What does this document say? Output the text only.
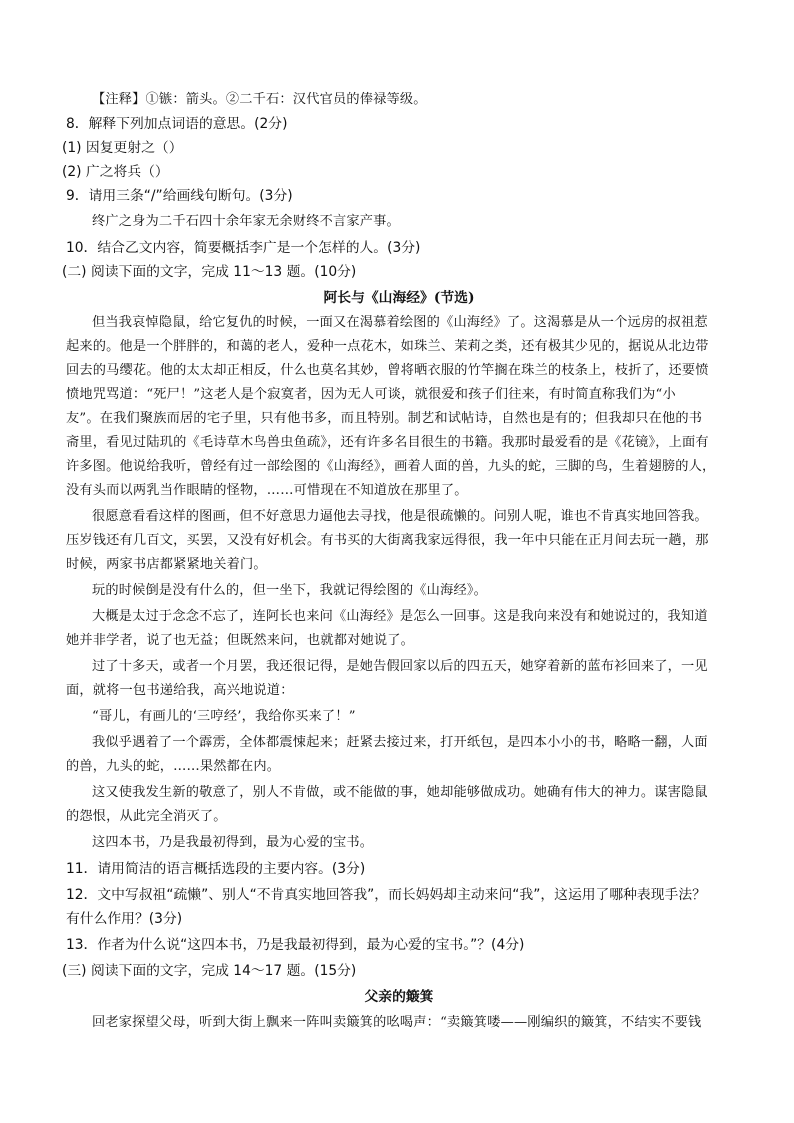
【注释】①镞：箭头。②二千石：汉代官员的俸禄等级。
8．解释下列加点词语的意思。(2分)
(1) 因复更射之（）
(2) 广之将兵（）
9．请用三条“/”给画线句断句。(3分)
终广之身为二千石四十余年家无余财终不言家产事。
10．结合乙文内容，简要概括李广是一个怎样的人。(3分)
(二) 阅读下面的文字，完成 11～13 题。(10分)
阿长与《山海经》(节选)
但当我哀悼隐鼠，给它复仇的时候，一面又在渴慕着绘图的《山海经》了。这渴慕是从一个远房的叔祖惹
起来的。他是一个胖胖的，和蔼的老人，爱种一点花木，如珠兰、茉莉之类，还有极其少见的，据说从北边带
回去的马缨花。他的太太却正相反，什么也莫名其妙，曾将晒衣服的竹竿搁在珠兰的枝条上，枝折了，还要愤
愤地咒骂道：“死尸！”这老人是个寂寞者，因为无人可谈，就很爱和孩子们往来，有时简直称我们为“小
友”。在我们聚族而居的宅子里，只有他书多，而且特别。制艺和试帖诗，自然也是有的；但我却只在他的书
斋里，看见过陆玑的《毛诗草木鸟兽虫鱼疏》，还有许多名目很生的书籍。我那时最爱看的是《花镜》，上面有
许多图。他说给我听，曾经有过一部绘图的《山海经》，画着人面的兽，九头的蛇，三脚的鸟，生着翅膀的人，
没有头而以两乳当作眼睛的怪物，……可惜现在不知道放在那里了。
很愿意看看这样的图画，但不好意思力逼他去寻找，他是很疏懒的。问别人呢，谁也不肯真实地回答我。
压岁钱还有几百文，买罢，又没有好机会。有书买的大街离我家远得很，我一年中只能在正月间去玩一趟，那
时候，两家书店都紧紧地关着门。
玩的时候倒是没有什么的，但一坐下，我就记得绘图的《山海经》。
大概是太过于念念不忘了，连阿长也来问《山海经》是怎么一回事。这是我向来没有和她说过的，我知道
她并非学者，说了也无益；但既然来问，也就都对她说了。
过了十多天，或者一个月罢，我还很记得，是她告假回家以后的四五天，她穿着新的蓝布衫回来了，一见
面，就将一包书递给我，高兴地说道：
“哥儿，有画儿的‘三哼经’，我给你买来了！”
我似乎遇着了一个霹雳，全体都震悚起来；赶紧去接过来，打开纸包，是四本小小的书，略略一翻，人面
的兽，九头的蛇，……果然都在内。
这又使我发生新的敬意了，别人不肯做，或不能做的事，她却能够做成功。她确有伟大的神力。谋害隐鼠
的怨恨，从此完全消灭了。
这四本书，乃是我最初得到，最为心爱的宝书。
11．请用简洁的语言概括选段的主要内容。(3分)
12．文中写叔祖“疏懒”、别人“不肯真实地回答我”，而长妈妈却主动来问“我”，这运用了哪种表现手法？
有什么作用？(3分)
13．作者为什么说“这四本书，乃是我最初得到，最为心爱的宝书。”？(4分)
(三) 阅读下面的文字，完成 14～17 题。(15分)
父亲的簸箕
回老家探望父母，听到大街上飘来一阵叫卖簸箕的吆喝声：“卖簸箕喽——刚编织的簸箕，不结实不要钱
